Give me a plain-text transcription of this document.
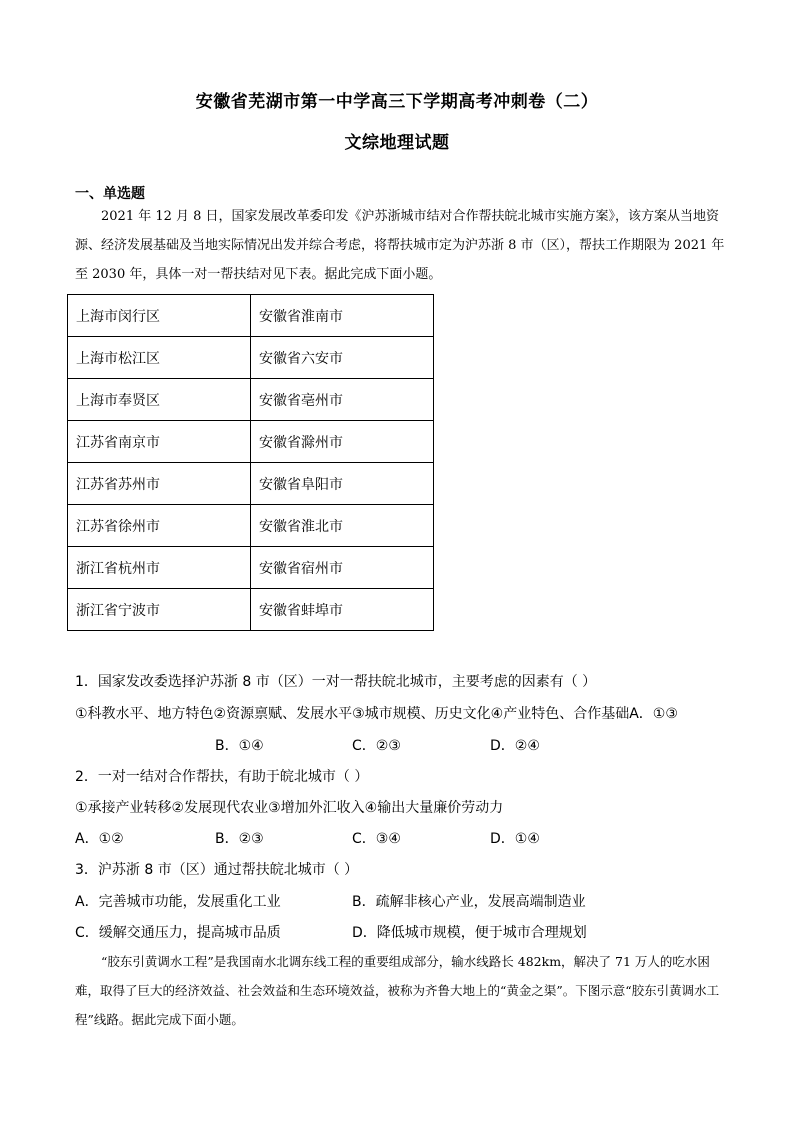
安徽省芜湖市第一中学高三下学期高考冲刺卷（二）
文综地理试题
一、单选题
2021 年 12 月 8 日，国家发展改革委印发《沪苏浙城市结对合作帮扶皖北城市实施方案》，该方案从当地资源、经济发展基础及当地实际情况出发并综合考虑，将帮扶城市定为沪苏浙 8 市（区），帮扶工作期限为 2021 年至 2030 年，具体一对一帮扶结对见下表。据此完成下面小题。
上海市闵行区	安徽省淮南市
上海市松江区	安徽省六安市
上海市奉贤区	安徽省亳州市
江苏省南京市	安徽省滁州市
江苏省苏州市	安徽省阜阳市
江苏省徐州市	安徽省淮北市
浙江省杭州市	安徽省宿州市
浙江省宁波市	安徽省蚌埠市
1．国家发改委选择沪苏浙 8 市（区）一对一帮扶皖北城市，主要考虑的因素有（ ）
①科教水平、地方特色②资源禀赋、发展水平③城市规模、历史文化④产业特色、合作基础A．①③
B．①④	C．②③	D．②④
2．一对一结对合作帮扶，有助于皖北城市（ ）
①承接产业转移②发展现代农业③增加外汇收入④输出大量廉价劳动力
A．①②	B．②③	C．③④	D．①④
3．沪苏浙 8 市（区）通过帮扶皖北城市（ ）
A．完善城市功能，发展重化工业	B．疏解非核心产业，发展高端制造业
C．缓解交通压力，提高城市品质	D．降低城市规模，便于城市合理规划
“胶东引黄调水工程”是我国南水北调东线工程的重要组成部分，输水线路长 482km，解决了 71 万人的吃水困难，取得了巨大的经济效益、社会效益和生态环境效益，被称为齐鲁大地上的“黄金之渠”。下图示意“胶东引黄调水工程”线路。据此完成下面小题。
